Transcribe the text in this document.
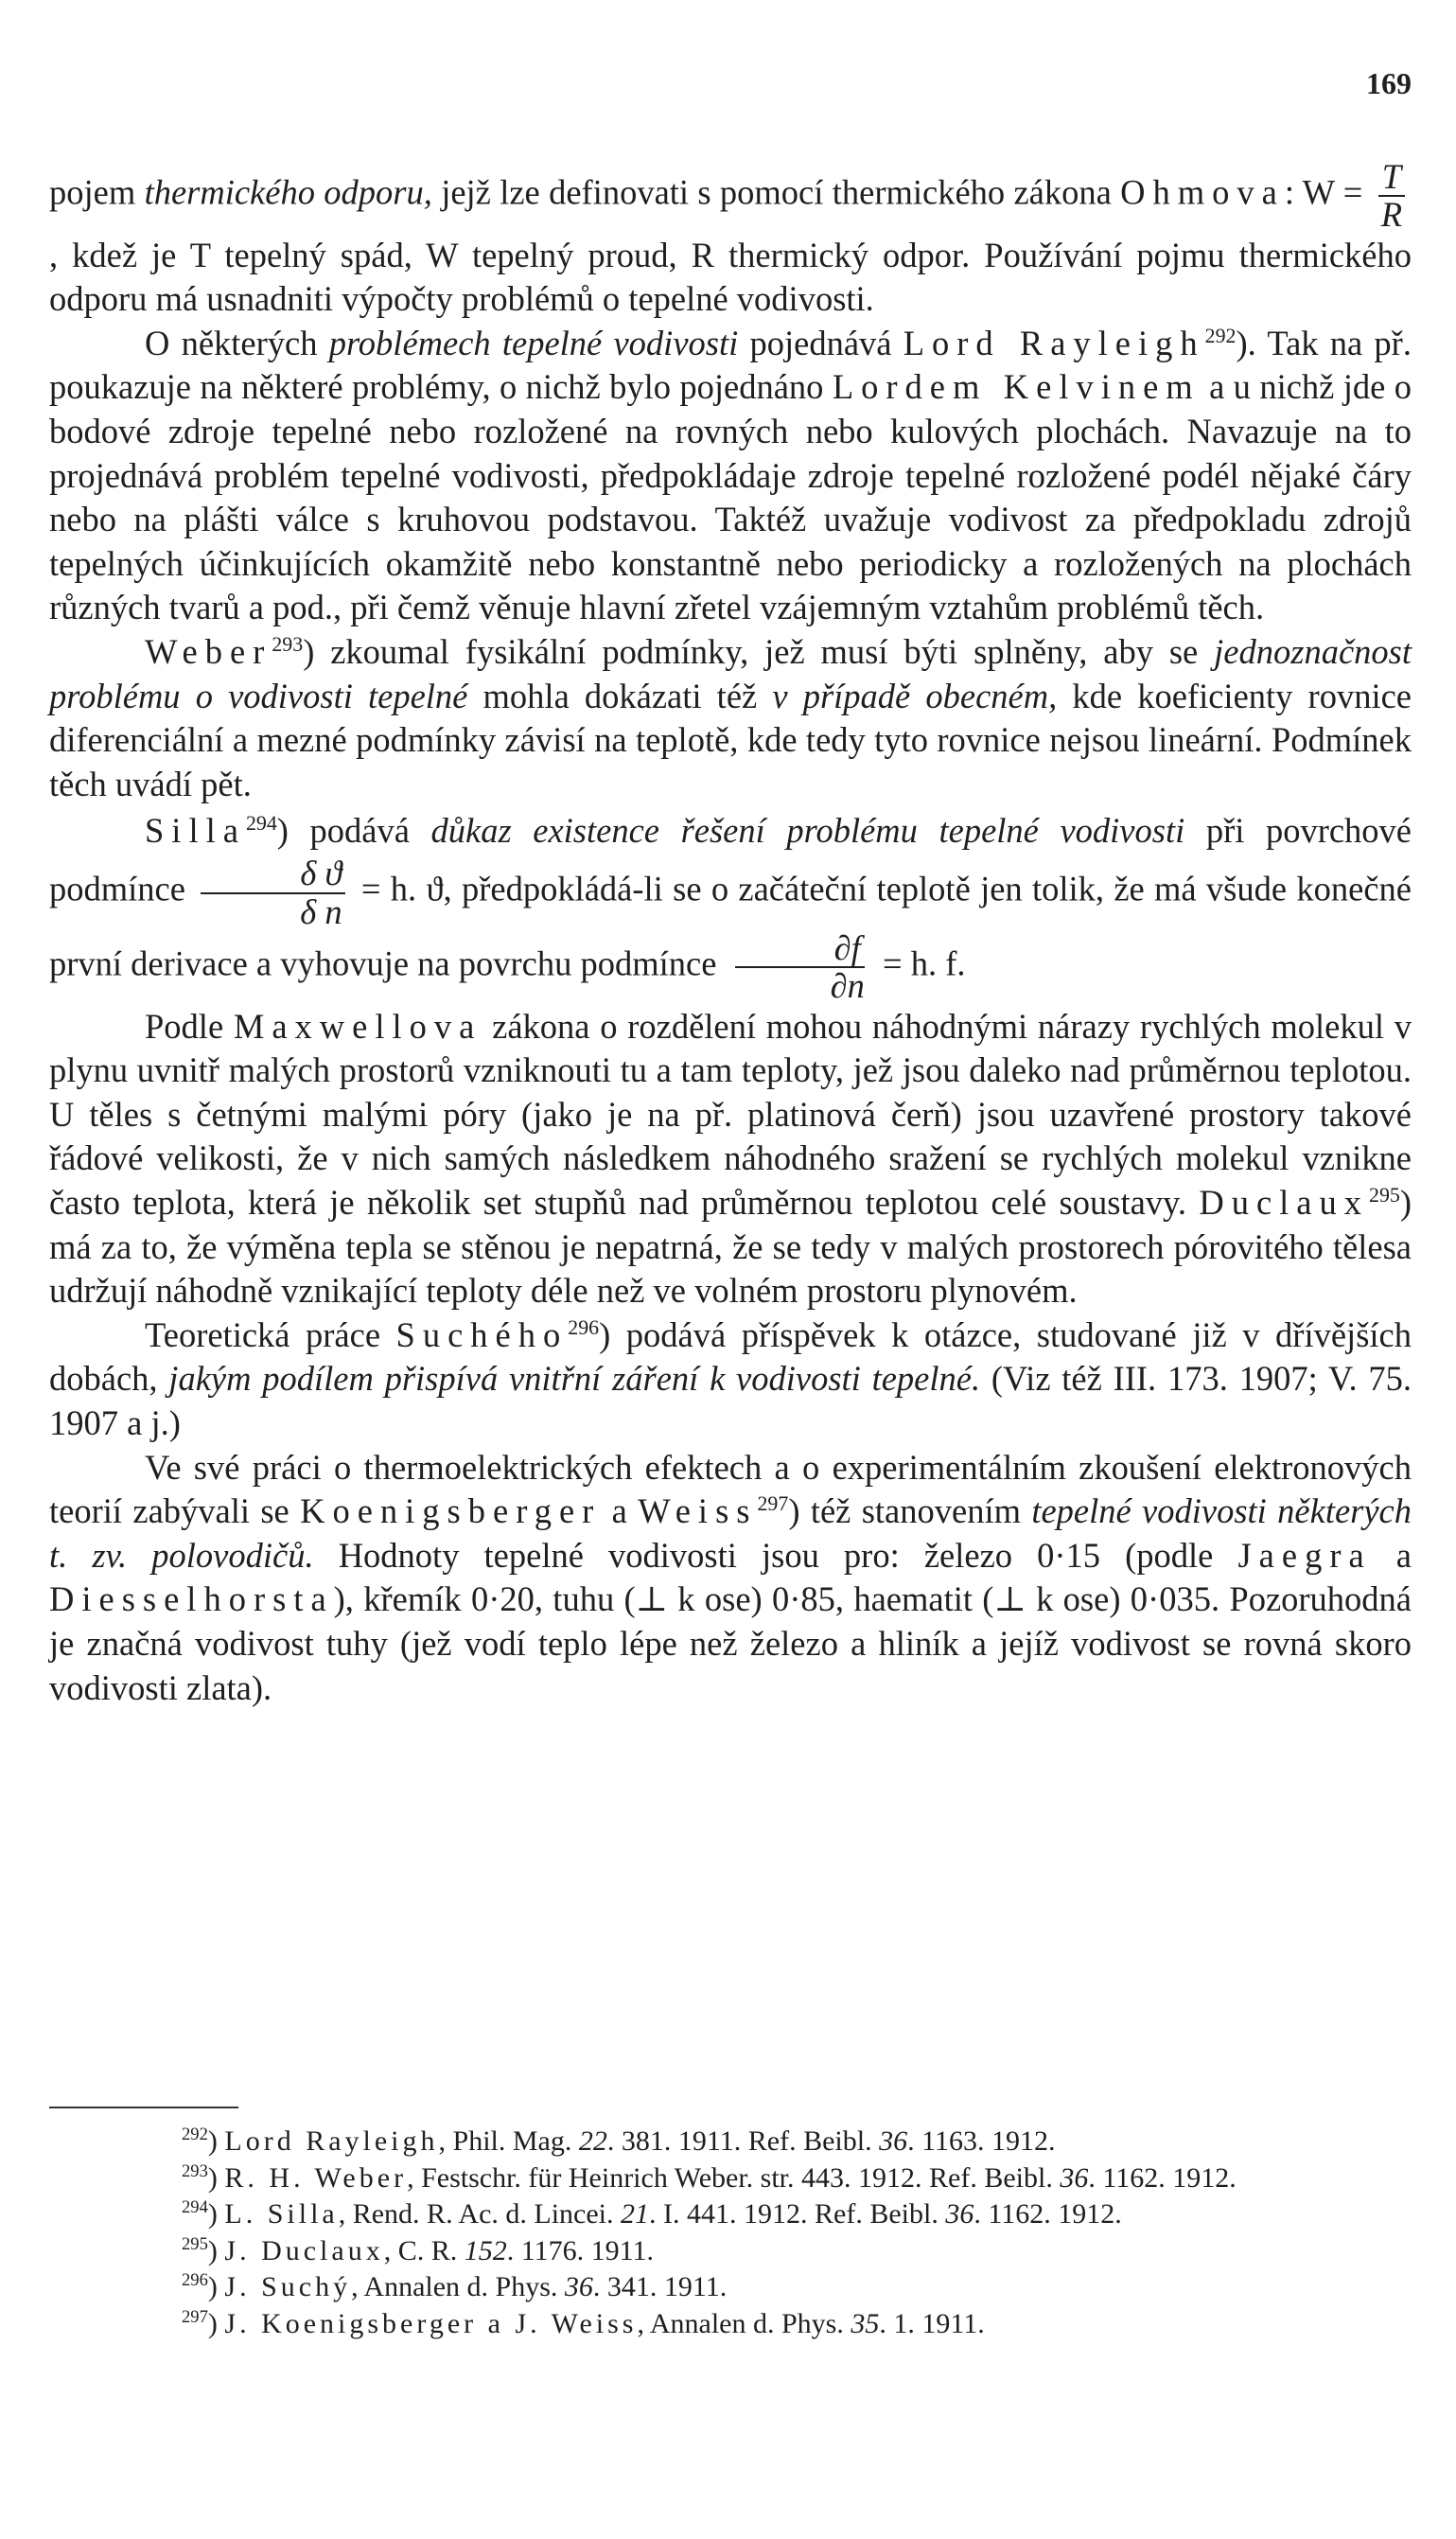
169

pojem thermického odporu, jejž lze definovati s pomocí thermického zákona Ohmova: $W = \frac{T}{R}$
, kdež je T tepelný spád, W tepelný proud, R thermický odpor. Používání pojmu thermického odporu má usnadniti výpočty problémů o tepelné vodivosti.

O některých problémech tepelné vodivosti pojednává Lord Rayleigh$^{292}$). Tak na př. poukazuje na některé problémy, o nichž bylo pojednáno Lordem Kelvinem a u nichž jde o bodové zdroje tepelné nebo rozložené na rovných nebo kulových plochách. Navazuje na to projednává problém tepelné vodivosti, předpokládaje zdroje tepelné rozložené podél nějaké čáry nebo na plášti válce s kruhovou podstavou. Taktéž uvažuje vodivost za předpokladu zdrojů tepelných účinkujících okamžitě nebo konstantně nebo periodicky a rozložených na plochách různých tvarů a pod., při čemž věnuje hlavní zřetel vzájemným vztahům problémů těch.

Weber$^{293}$) zkoumal fysikální podmínky, jež musí býti splněny, aby se jednoznačnost problému o vodivosti tepelné mohla dokázati též v případě obecném, kde koeficienty rovnice diferenciální a mezné podmínky závisí na teplotě, kde tedy tyto rovnice nejsou lineární. Podmínek těch uvádí pět.

Silla$^{294}$) podává důkaz existence řešení problému tepelné vodivosti při povrchové podmínce $\frac{\text{δ ϑ}}{\text{δ n}} = h$. ϑ, předpokládá-li se o začáteční teplotě jen tolik, že má všude konečné první derivace a vyhovuje na povrchu podmínce $\frac{\partial f}{\partial n} = h$. f.

Podle Maxwellova zákona o rozdělení mohou náhodnými nárazy rychlých molekul v plynu uvnitř malých prostorů vzniknouti tu a tam teploty, jež jsou daleko nad průměrnou teplotou. U těles s četnými malými póry (jako je na př. platinová čerň) jsou uzavřené prostory takové řádové velikosti, že v nich samých následkem náhodného sražení se rychlých molekul vznikne často teplota, která je několik set stupňů nad průměrnou teplotou celé soustavy. Duclaux$^{295}$) má za to, že výměna tepla se stěnou je nepatrná, že se tedy v malých prostorech pórovitého tělesa udržují náhodně vznikající teploty déle než ve volném prostoru plynovém.

Teoretická práce Suchého$^{296}$) podává příspěvek k otázce, studované již v dřívějších dobách, jakým podílem přispívá vnitřní záření k vodivosti tepelné. (Viz též III. 173. 1907; V. 75. 1907 a j.)

Ve své práci o thermoelektrických efektech a o experimentálním zkoušení elektronových teorií zabývali se Koenigsberger a Weiss$^{297}$) též stanovením tepelné vodivosti některých t. zv. polovodičů. Hodnoty tepelné vodivosti jsou pro: železo 0·15 (podle Jaegra a Diesselhorsta), křemík 0·20, tuhu (⊥ k ose) 0·85, haematit (⊥ k ose) 0·035. Pozoruhodná je značná vodivost tuhy (jež vodí teplo lépe než železo a hliník a jejíž vodivost se rovná skoro vodivosti zlata).

$^{292}$) Lord Rayleigh, Phil. Mag. 22. 381. 1911. Ref. Beibl. 36. 1163. 1912.

$^{293}$) R. H. Weber, Festschr. für Heinrich Weber. str. 443. 1912. Ref. Beibl. 36. 1162. 1912.

$^{294}$) L. Silla, Rend. R. Ac. d. Lincei. 21. I. 441. 1912. Ref. Beibl. 36. 1162. 1912.

$^{295}$) J. Duclaux, C. R. 152. 1176. 1911.

$^{296}$) J. Suchý, Annalen d. Phys. 36. 341. 1911.

$^{297}$) J. Koenigsberger a J. Weiss, Annalen d. Phys. 35. 1. 1911.
